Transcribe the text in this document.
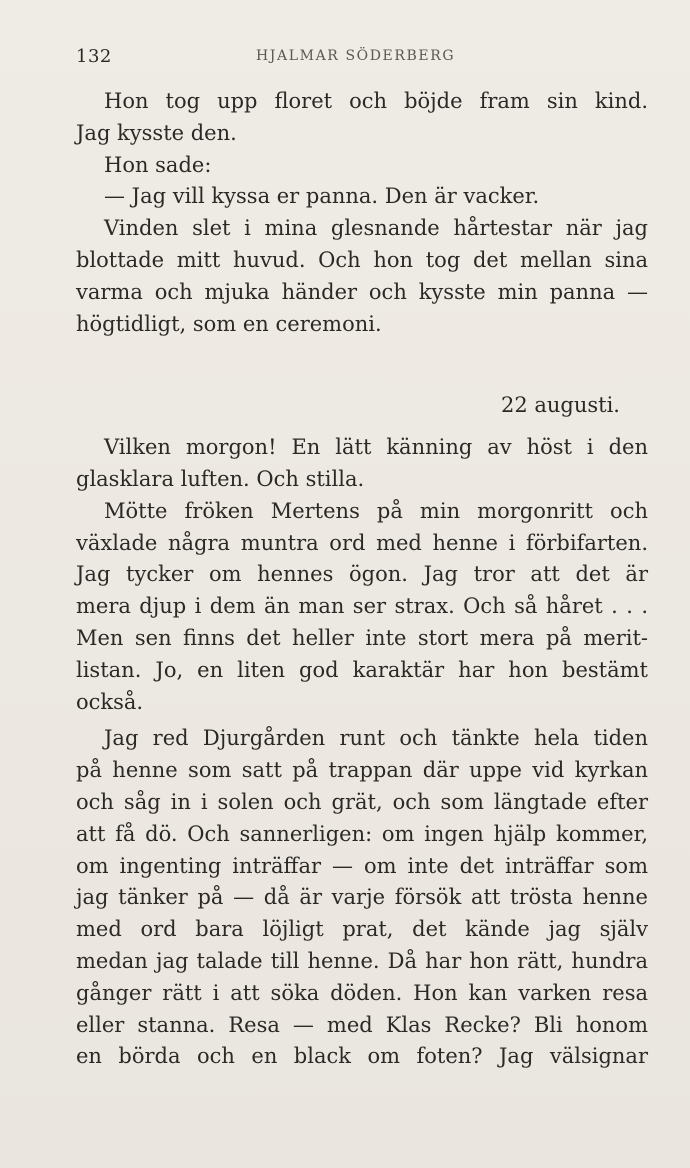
132	HJALMAR SÖDERBERG
Hon tog upp floret och böjde fram sin kind.
Jag kysste den.
Hon sade:
— Jag vill kyssa er panna. Den är vacker.
Vinden slet i mina glesnande hårtestar när jag
blottade mitt huvud. Och hon tog det mellan sina
varma och mjuka händer och kysste min panna —
högtidligt, som en ceremoni.
22 augusti.
Vilken morgon! En lätt känning av höst i den
glasklara luften. Och stilla.
Mötte fröken Mertens på min morgonritt och
växlade några muntra ord med henne i förbifarten.
Jag tycker om hennes ögon. Jag tror att det är
mera djup i dem än man ser strax. Och så håret . . .
Men sen finns det heller inte stort mera på merit-
listan. Jo, en liten god karaktär har hon bestämt
också.
Jag red Djurgården runt och tänkte hela tiden
på henne som satt på trappan där uppe vid kyrkan
och såg in i solen och grät, och som längtade efter
att få dö. Och sannerligen: om ingen hjälp kommer,
om ingenting inträffar — om inte det inträffar som
jag tänker på — då är varje försök att trösta henne
med ord bara löjligt prat, det kände jag själv
medan jag talade till henne. Då har hon rätt, hundra
gånger rätt i att söka döden. Hon kan varken resa
eller stanna. Resa — med Klas Recke? Bli honom
en börda och en black om foten? Jag välsignar
